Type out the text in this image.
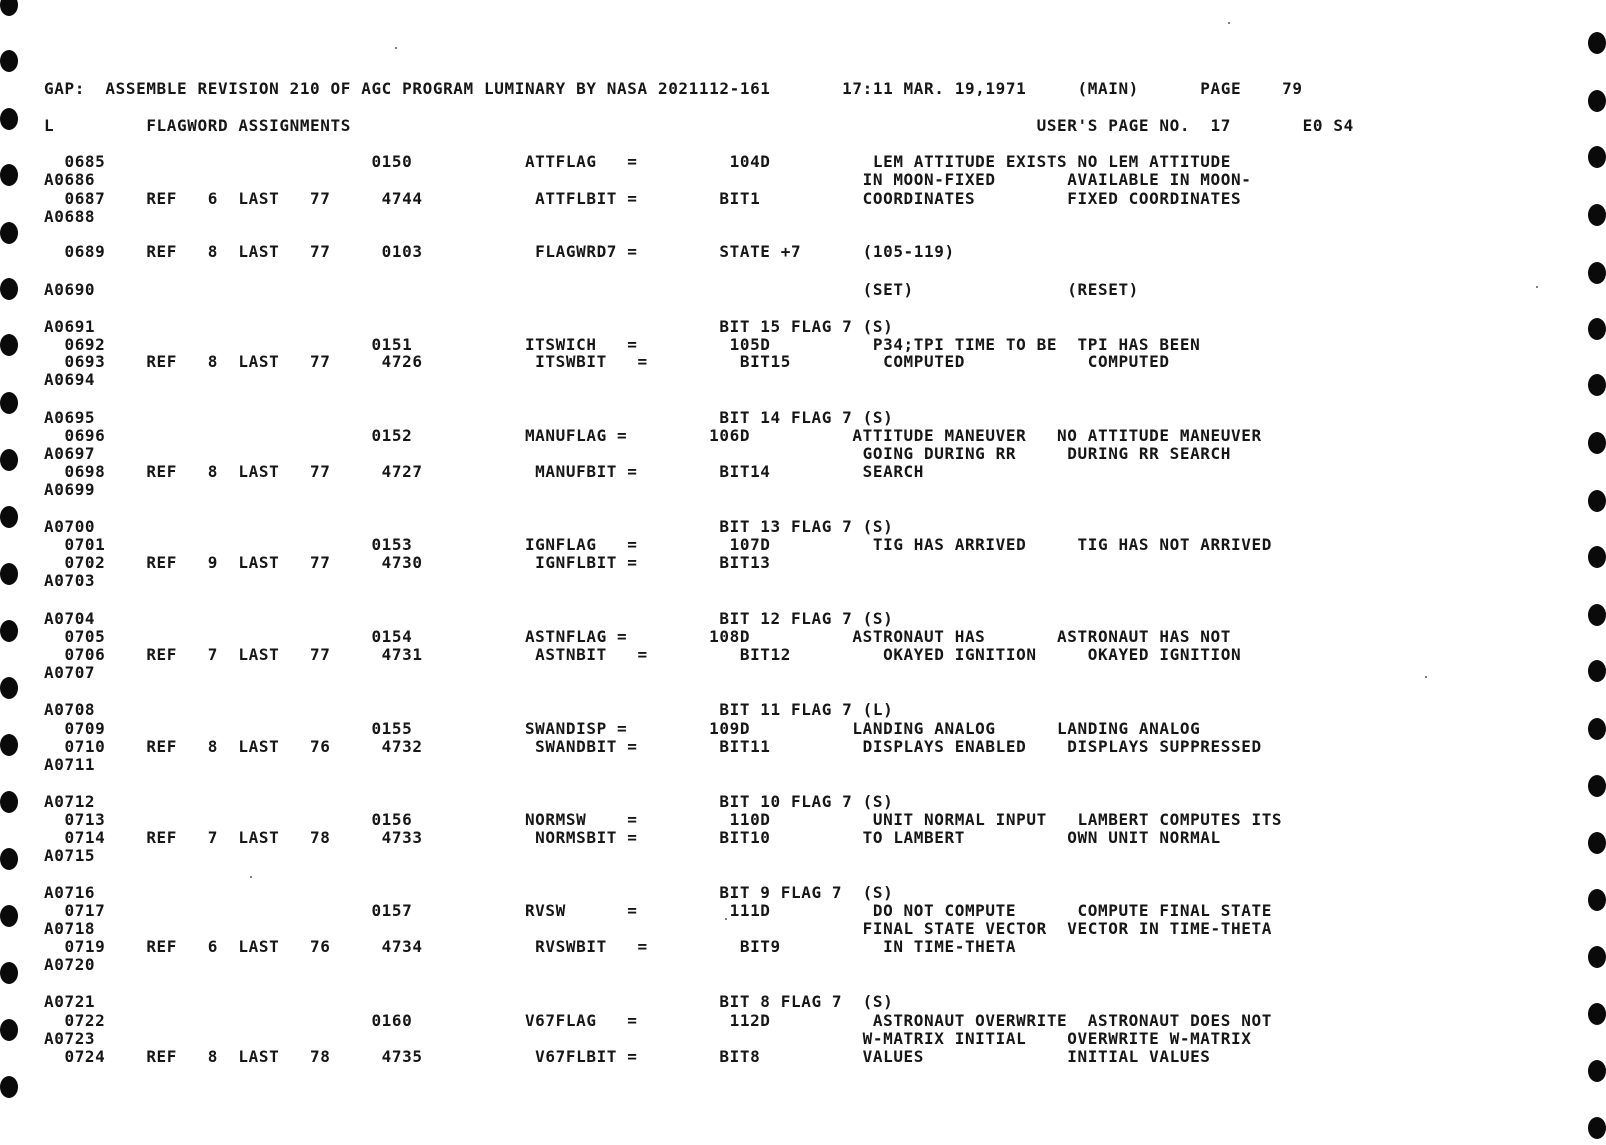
GAP:  ASSEMBLE REVISION 210 OF AGC PROGRAM LUMINARY BY NASA 2021112-161       17:11 MAR. 19,1971     (MAIN)      PAGE    79
L         FLAGWORD ASSIGNMENTS                                                                   USER'S PAGE NO.  17       E0 S4
0685                          0150           ATTFLAG   =         104D          LEM ATTITUDE EXISTS NO LEM ATTITUDE
A0686                                                                           IN MOON-FIXED       AVAILABLE IN MOON-
0687    REF   6  LAST   77     4744           ATTFLBIT =        BIT1          COORDINATES         FIXED COORDINATES
A0688
0689    REF   8  LAST   77     0103           FLAGWRD7 =        STATE +7      (105-119)
A0690                                                                           (SET)               (RESET)
A0691                                                             BIT 15 FLAG 7 (S)
0692                          0151           ITSWICH   =         105D          P34;TPI TIME TO BE  TPI HAS BEEN
0693    REF   8  LAST   77     4726           ITSWBIT   =         BIT15         COMPUTED            COMPUTED
A0694
A0695                                                             BIT 14 FLAG 7 (S)
0696                          0152           MANUFLAG =        106D          ATTITUDE MANEUVER   NO ATTITUDE MANEUVER
A0697                                                                           GOING DURING RR     DURING RR SEARCH
0698    REF   8  LAST   77     4727           MANUFBIT =        BIT14         SEARCH
A0699
A0700                                                             BIT 13 FLAG 7 (S)
0701                          0153           IGNFLAG   =         107D          TIG HAS ARRIVED     TIG HAS NOT ARRIVED
0702    REF   9  LAST   77     4730           IGNFLBIT =        BIT13
A0703
A0704                                                             BIT 12 FLAG 7 (S)
0705                          0154           ASTNFLAG =        108D          ASTRONAUT HAS       ASTRONAUT HAS NOT
0706    REF   7  LAST   77     4731           ASTNBIT   =         BIT12         OKAYED IGNITION     OKAYED IGNITION
A0707
A0708                                                             BIT 11 FLAG 7 (L)
0709                          0155           SWANDISP =        109D          LANDING ANALOG      LANDING ANALOG
0710    REF   8  LAST   76     4732           SWANDBIT =        BIT11         DISPLAYS ENABLED    DISPLAYS SUPPRESSED
A0711
A0712                                                             BIT 10 FLAG 7 (S)
0713                          0156           NORMSW    =         110D          UNIT NORMAL INPUT   LAMBERT COMPUTES ITS
0714    REF   7  LAST   78     4733           NORMSBIT =        BIT10         TO LAMBERT          OWN UNIT NORMAL
A0715
A0716                                                             BIT 9 FLAG 7  (S)
0717                          0157           RVSW      =         111D          DO NOT COMPUTE      COMPUTE FINAL STATE
A0718                                                                           FINAL STATE VECTOR  VECTOR IN TIME-THETA
0719    REF   6  LAST   76     4734           RVSWBIT   =         BIT9          IN TIME-THETA
A0720
A0721                                                             BIT 8 FLAG 7  (S)
0722                          0160           V67FLAG   =         112D          ASTRONAUT OVERWRITE  ASTRONAUT DOES NOT
A0723                                                                           W-MATRIX INITIAL    OVERWRITE W-MATRIX
0724    REF   8  LAST   78     4735           V67FLBIT =        BIT8          VALUES              INITIAL VALUES
